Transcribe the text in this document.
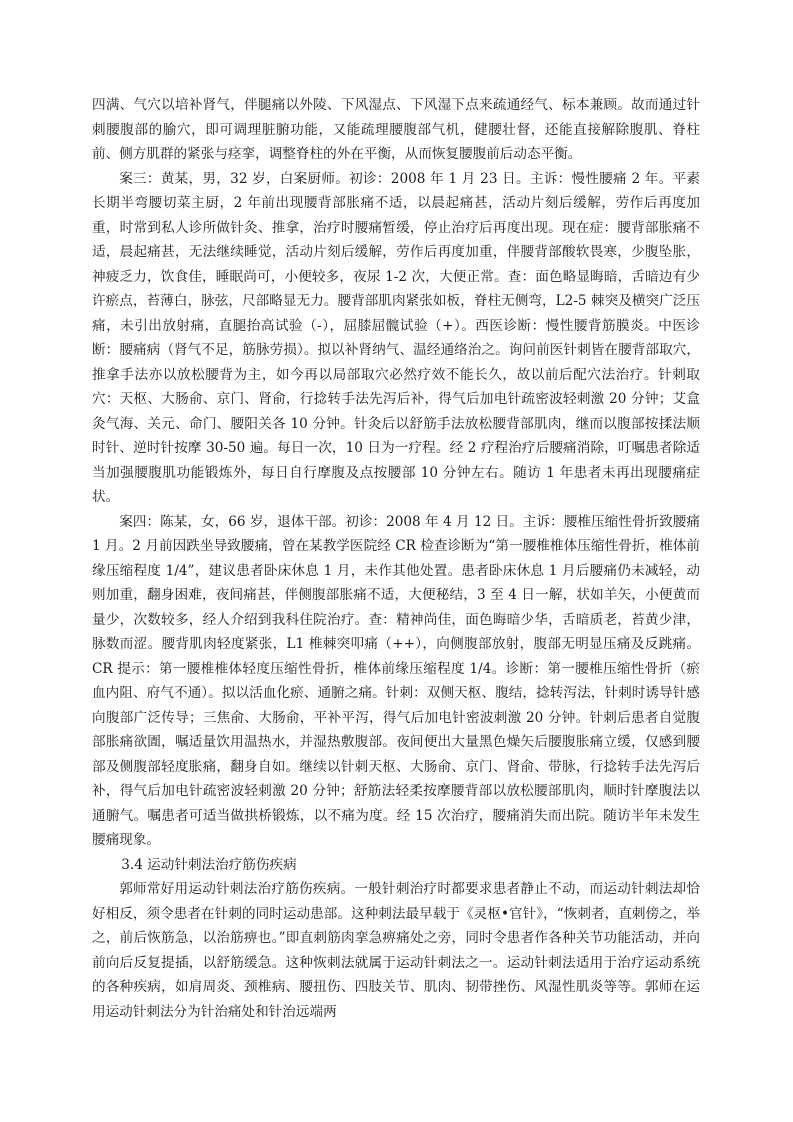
四满、气穴以培补肾气，伴腿痛以外陵、下风湿点、下风湿下点来疏通经气、标本兼顾。故而通过针刺腰腹部的腧穴，即可调理脏腑功能，又能疏理腰腹部气机，健腰壮督，还能直接解除腹肌、脊柱前、侧方肌群的紧张与痉挛，调整脊柱的外在平衡，从而恢复腰腹前后动态平衡。

案三：黄某，男，32 岁，白案厨师。初诊：2008 年 1 月 23 日。主诉：慢性腰痛 2 年。平素长期半弯腰切菜主厨，2 年前出现腰背部胀痛不适，以晨起痛甚，活动片刻后缓解，劳作后再度加重，时常到私人诊所做针灸、推拿，治疗时腰痛暂缓，停止治疗后再度出现。现在症：腰背部胀痛不适，晨起痛甚，无法继续睡觉，活动片刻后缓解，劳作后再度加重，伴腰背部酸软畏寒，少腹坠胀，神疲乏力，饮食佳，睡眠尚可，小便较多，夜尿 1-2 次，大便正常。查：面色略显晦暗，舌暗边有少许瘀点，苔薄白，脉弦，尺部略显无力。腰背部肌肉紧张如板，脊柱无侧弯，L2-5 棘突及横突广泛压痛，未引出放射痛，直腿抬高试验（-），屈膝屈髋试验（+）。西医诊断：慢性腰背筋膜炎。中医诊断：腰痛病（肾气不足，筋脉劳损）。拟以补肾纳气、温经通络治之。询问前医针刺皆在腰背部取穴，推拿手法亦以放松腰背为主，如今再以局部取穴必然疗效不能长久，故以前后配穴法治疗。针刺取穴：天枢、大肠俞、京门、肾俞，行捻转手法先泻后补，得气后加电针疏密波轻刺激 20 分钟；艾盒灸气海、关元、命门、腰阳关各 10 分钟。针灸后以舒筋手法放松腰背部肌肉，继而以腹部按揉法顺时针、逆时针按摩 30-50 遍。每日一次，10 日为一疗程。经 2 疗程治疗后腰痛消除，叮嘱患者除适当加强腰腹肌功能锻炼外，每日自行摩腹及点按腰部 10 分钟左右。随访 1 年患者未再出现腰痛症状。

案四：陈某，女，66 岁，退体干部。初诊：2008 年 4 月 12 日。主诉：腰椎压缩性骨折致腰痛 1 月。2 月前因跌坐导致腰痛，曾在某教学医院经 CR 检查诊断为“第一腰椎椎体压缩性骨折，椎体前缘压缩程度 1/4”，建议患者卧床休息 1 月，未作其他处置。患者卧床休息 1 月后腰痛仍未减轻，动则加重，翻身困难，夜间痛甚，伴侧腹部胀痛不适，大便秘结，3 至 4 日一解，状如羊矢，小便黄而量少，次数较多，经人介绍到我科住院治疗。查：精神尚佳，面色晦暗少华，舌暗质老，苔黄少津，脉数而涩。腰背肌肉轻度紧张，L1 椎棘突叩痛（++），向侧腹部放射，腹部无明显压痛及反跳痛。CR 提示：第一腰椎椎体轻度压缩性骨折，椎体前缘压缩程度 1/4。诊断：第一腰椎压缩性骨折（瘀血内阻、府气不通）。拟以活血化瘀、通腑之痛。针刺：双侧天枢、腹结，捻转泻法，针刺时诱导针感向腹部广泛传导；三焦俞、大肠俞，平补平泻，得气后加电针密波刺激 20 分钟。针刺后患者自觉腹部胀痛欲圊，嘱适量饮用温热水，并湿热敷腹部。夜间便出大量黑色燥矢后腰腹胀痛立缓，仅感到腰部及侧腹部轻度胀痛，翻身自如。继续以针刺天枢、大肠俞、京门、肾俞、带脉，行捻转手法先泻后补，得气后加电针疏密波轻刺激 20 分钟；舒筋法轻柔按摩腰背部以放松腰部肌肉，顺时针摩腹法以通腑气。嘱患者可适当做拱桥锻炼，以不痛为度。经 15 次治疗，腰痛消失而出院。随访半年未发生腰痛现象。

3.4 运动针刺法治疗筋伤疾病

郭师常好用运动针刺法治疗筋伤疾病。一般针刺治疗时都要求患者静止不动，而运动针刺法却恰好相反，须令患者在针刺的同时运动患部。这种刺法最早载于《灵枢•官针》，“恢刺者，直刺傍之，举之，前后恢筋急，以治筋痹也。”即直刺筋肉挛急痹痛处之旁，同时令患者作各种关节功能活动，并向前向后反复提插，以舒筋缓急。这种恢刺法就属于运动针刺法之一。运动针刺法适用于治疗运动系统的各种疾病，如肩周炎、颈椎病、腰扭伤、四肢关节、肌肉、韧带挫伤、风湿性肌炎等等。郭师在运用运动针刺法分为针治痛处和针治远端两
